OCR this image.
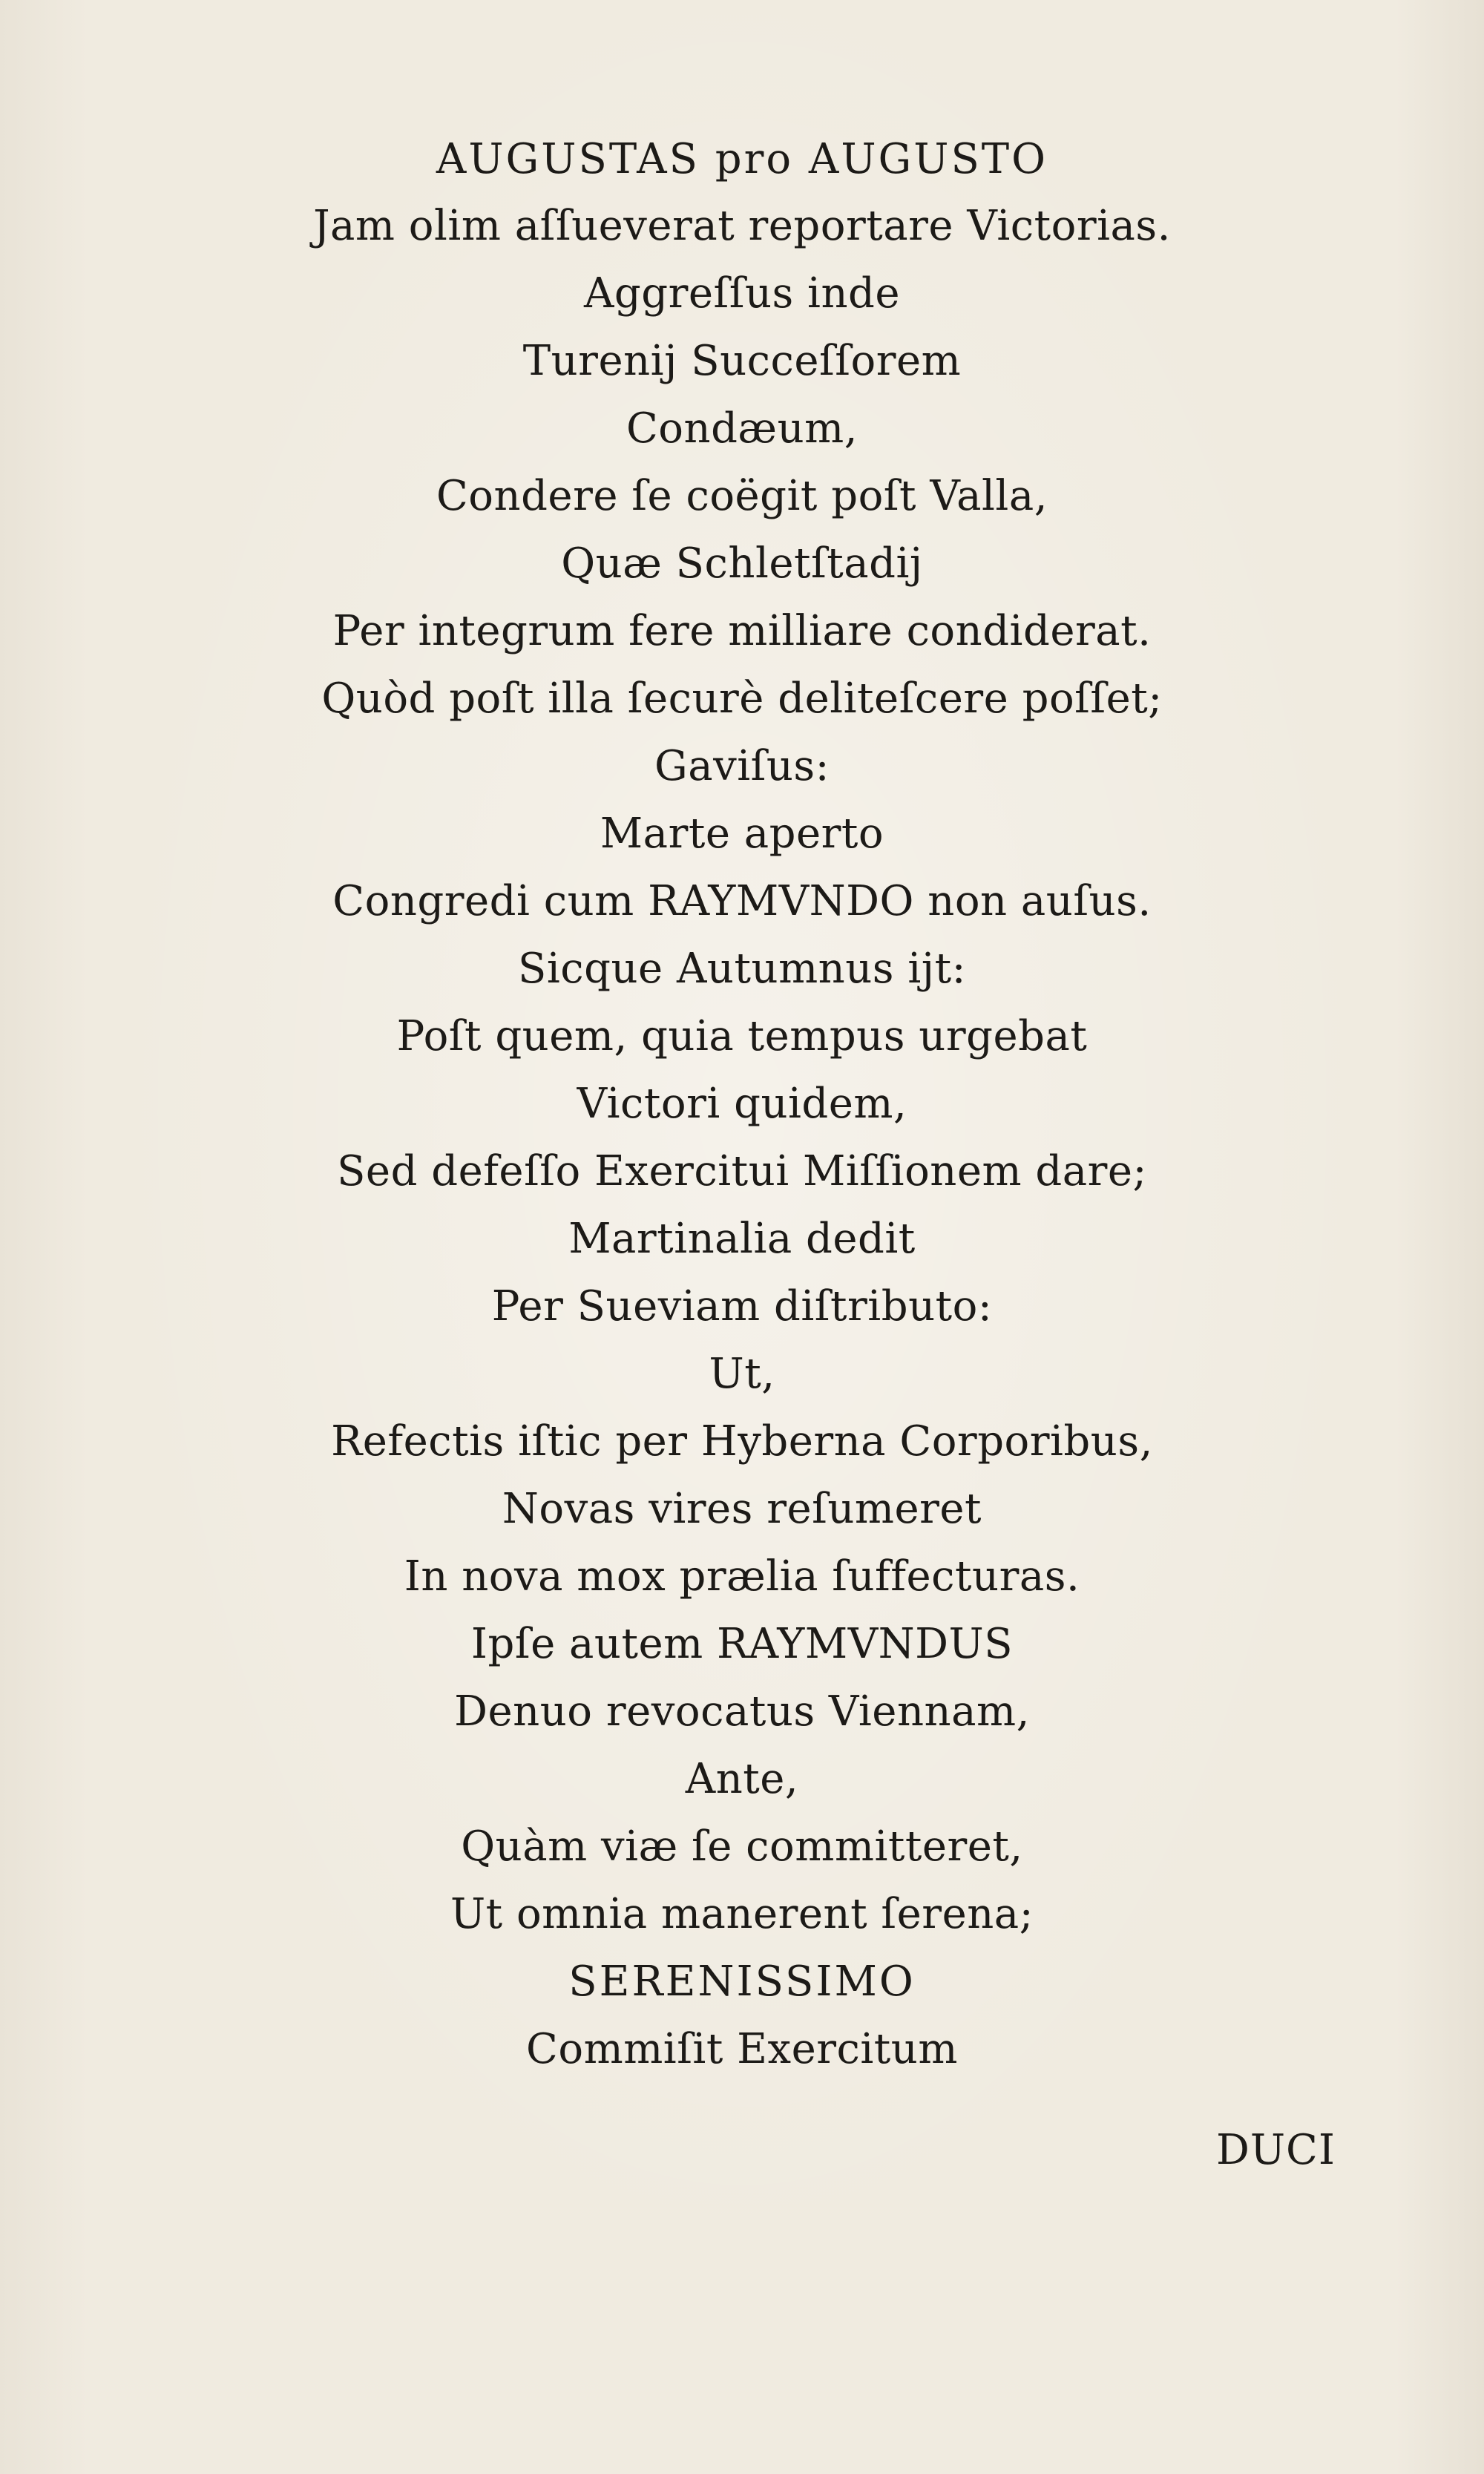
AUGUSTAS pro AUGUSTO
Jam olim aſſueverat reportare Victorias.
Aggreſſus inde
Turenij Succeſſorem
Condæum,
Condere ſe coëgit poſt Valla,
Quæ Schletſtadij
Per integrum fere milliare condiderat.
Quòd poſt illa ſecurè deliteſcere poſſet;
Gaviſus:
Marte aperto
Congredi cum RAYMVNDO non auſus.
Sicque Autumnus ijt:
Poſt quem, quia tempus urgebat
Victori quidem,
Sed defeſſo Exercitui Miſſionem dare;
Martinalia dedit
Per Sueviam diſtributo:
Ut,
Refectis iſtic per Hyberna Corporibus,
Novas vires reſumeret
In nova mox prælia ſuffecturas.
Ipſe autem RAYMVNDUS
Denuo revocatus Viennam,
Ante,
Quàm viæ ſe committeret,
Ut omnia manerent ſerena;
SERENISSIMO
Commiſit Exercitum
DUCI
